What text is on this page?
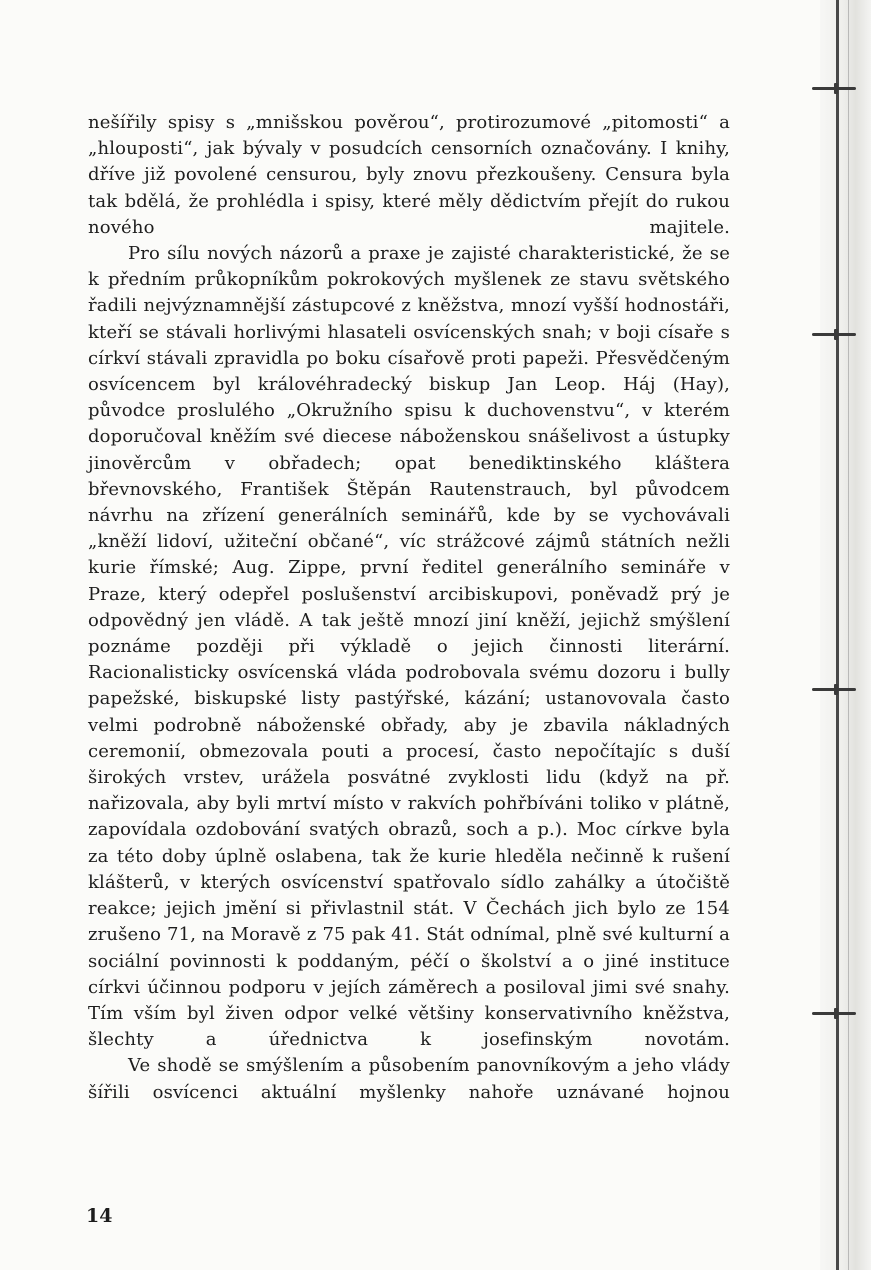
nešířily spisy s „mnišskou pověrou“, protirozumové „pitomosti“ a „hlouposti“, jak bývaly v posudcích censorních označovány. I knihy, dříve již povolené censurou, byly znovu přezkoušeny. Censura byla tak bdělá, že prohlédla i spisy, které měly dědictvím přejít do rukou nového majitele.

Pro sílu nových názorů a praxe je zajisté charakteristické, že se k předním průkopníkům pokrokových myšlenek ze stavu světského řadili nejvýznamnější zástupcové z kněžstva, mnozí vyšší hodnostáři, kteří se stávali horlivými hlasateli osvícenských snah; v boji císaře s církví stávali zpravidla po boku císařově proti papeži. Přesvědčeným osvícencem byl královéhradecký biskup Jan Leop. Háj (Hay), původce proslulého „Okružního spisu k duchovenstvu“, v kterém doporučoval kněžím své diecese náboženskou snášelivost a ústupky jinověrcům v obřadech; opat benediktinského kláštera břevnovského, František Štěpán Rautenstrauch, byl původcem návrhu na zřízení generálních seminářů, kde by se vychovávali „kněží lidoví, užiteční občané“, víc strážcové zájmů státních nežli kurie římské; Aug. Zippe, první ředitel generálního semináře v Praze, který odepřel poslušenství arcibiskupovi, poněvadž prý je odpovědný jen vládě. A tak ještě mnozí jiní kněží, jejichž smýšlení poznáme později při výkladě o jejich činnosti literární. Racionalisticky osvícenská vláda podrobovala svému dozoru i bully papežské, biskupské listy pastýřské, kázání; ustanovovala často velmi podrobně náboženské obřady, aby je zbavila nákladných ceremonií, obmezovala pouti a procesí, často nepočítajíc s duší širokých vrstev, urážela posvátné zvyklosti lidu (když na př. nařizovala, aby byli mrtví místo v rakvích pohřbíváni toliko v plátně, zapovídala ozdobování svatých obrazů, soch a p.). Moc církve byla za této doby úplně oslabena, tak že kurie hleděla nečinně k rušení klášterů, v kterých osvícenství spatřovalo sídlo zahálky a útočiště reakce; jejich jmění si přivlastnil stát. V Čechách jich bylo ze 154 zrušeno 71, na Moravě z 75 pak 41. Stát odnímal, plně své kulturní a sociální povinnosti k poddaným, péčí o školství a o jiné instituce církvi účinnou podporu v jejích záměrech a posiloval jimi své snahy. Tím vším byl živen odpor velké většiny konservativního kněžstva, šlechty a úřednictva k josefinským novotám.

Ve shodě se smýšlením a působením panovníkovým a jeho vlády šířili osvícenci aktuální myšlenky nahoře uznávané hojnou

14
